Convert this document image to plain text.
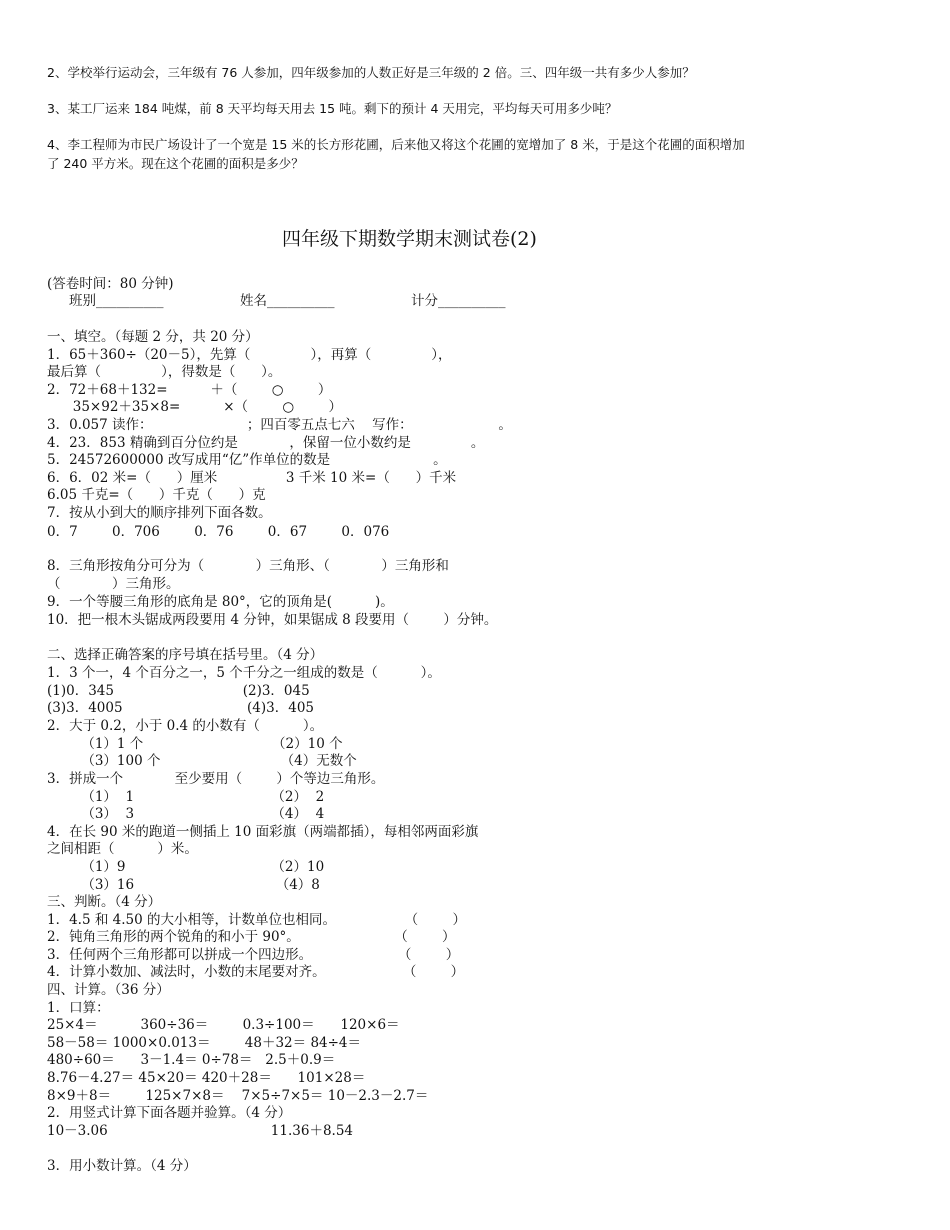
2、学校举行运动会，三年级有 76 人参加，四年级参加的人数正好是三年级的 2 倍。三、四年级一共有多少人参加？

3、某工厂运来 184 吨煤，前 8 天平均每天用去 15 吨。剩下的预计 4 天用完，平均每天可用多少吨？

4、李工程师为市民广场设计了一个宽是 15 米的长方形花圃，后来他又将这个花圃的宽增加了 8 米，于是这个花圃的面积增加

了 240 平方米。现在这个花圃的面积是多少？

四年级下期数学期末测试卷(2)

(答卷时间：80 分钟)

班别__________	姓名__________	计分__________

一、填空。（每题 2 分，共 20 分）

1．65＋360÷（20－5），先算（              ），再算（              ），

最后算（              ），得数是（      ）。

2．72＋68＋132=          ＋（        ○        ）

35×92＋35×8=          ×（        ○        ）

3．0.057 读作：                      ；四百零五点七六    写作：                    。

4．23．853 精确到百分位约是            ，保留一位小数约是              。

5．24572600000 改写成用“亿”作单位的数是                        。

6．6．02 米=（      ）厘米                3 千米 10 米=（      ）千米

6.05 千克=（      ）千克（      ）克

7．按从小到大的顺序排列下面各数。

0．7        0．706        0．76        0．67        0．076

8．三角形按角分可分为（            ）三角形、（            ）三角形和

（            ）三角形。

9．一个等腰三角形的底角是 80°，它的顶角是(          )。

10．把一根木头锯成两段要用 4 分钟，如果锯成 8 段要用（        ）分钟。

二、选择正确答案的序号填在括号里。（4 分）

1．3 个一，4 个百分之一，5 个千分之一组成的数是（          ）。

(1)0．345                              (2)3．045

(3)3．4005                             (4)3．405

2．大于 0.2，小于 0.4 的小数有（          ）。

（1）1 个                              （2）10 个

（3）100 个                            （4）无数个

3．拼成一个            至少要用（        ）个等边三角形。

（1）  1                                （2）  2

（3）  3                                （4）  4

4．在长 90 米的跑道一侧插上 10 面彩旗（两端都插），每相邻两面彩旗

之间相距（          ）米。

（1）9                                  （2）10

（3）16                                 （4）8

三、判断。（4 分）

1．4.5 和 4.50 的大小相等，计数单位也相同。                （        ）

2．钝角三角形的两个锐角的和小于 90°。                      （        ）

3．任何两个三角形都可以拼成一个四边形。                    （        ）

4．计算小数加、减法时，小数的末尾要对齐。                  （        ）

四、计算。（36 分）

1．口算：

25×4＝          360÷36＝        0.3÷100＝      120×6＝

58－58＝ 1000×0.013＝        48＋32＝ 84÷4＝

480÷60＝      3－1.4＝ 0÷78＝   2.5＋0.9＝

8.76－4.27＝ 45×20＝ 420＋28＝      101×28＝

8×9＋8＝        125×7×8＝    7×5÷7×5＝ 10－2.3－2.7＝

2．用竖式计算下面各题并验算。（4 分）

10－3.06                                      11.36＋8.54

3．用小数计算。（4 分）
